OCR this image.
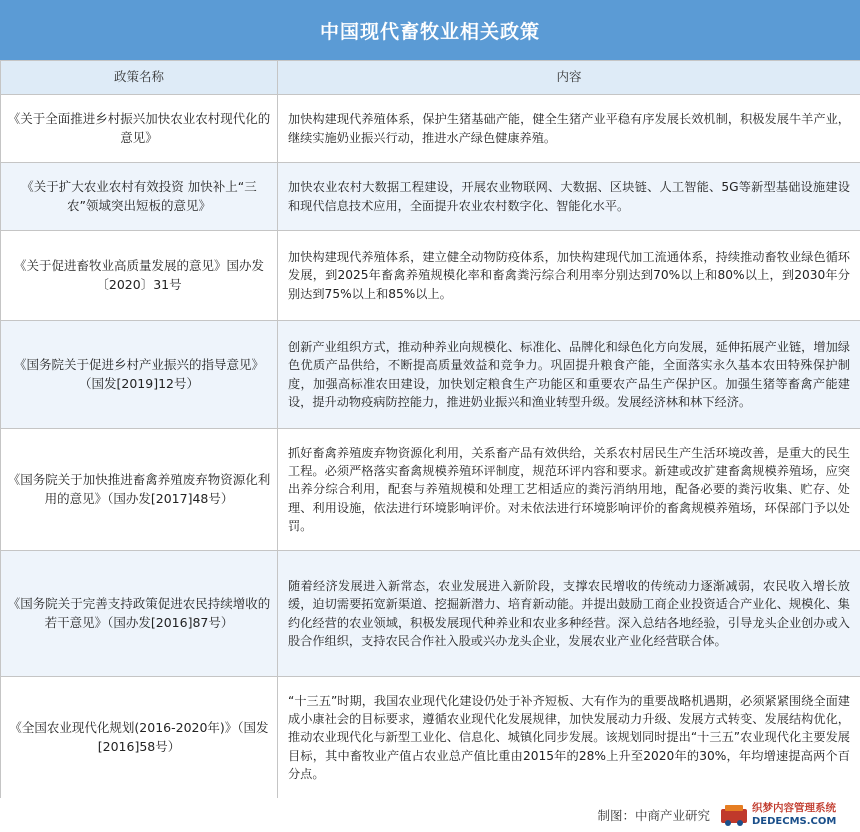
中国现代畜牧业相关政策
政策名称	内容
《关于全面推进乡村振兴加快农业农村现代化的意见》	加快构建现代养殖体系，保护生猪基础产能，健全生猪产业平稳有序发展长效机制，积极发展牛羊产业，继续实施奶业振兴行动，推进水产绿色健康养殖。
《关于扩大农业农村有效投资 加快补上“三农”领域突出短板的意见》	加快农业农村大数据工程建设，开展农业物联网、大数据、区块链、人工智能、5G等新型基础设施建设和现代信息技术应用，全面提升农业农村数字化、智能化水平。
《关于促进畜牧业高质量发展的意见》国办发〔2020〕31号	加快构建现代养殖体系，建立健全动物防疫体系，加快构建现代加工流通体系，持续推动畜牧业绿色循环发展，到2025年畜禽养殖规模化率和畜禽粪污综合利用率分别达到70%以上和80%以上，到2030年分别达到75%以上和85%以上。
《国务院关于促进乡村产业振兴的指导意见》（国发[2019]12号）	创新产业组织方式，推动种养业向规模化、标准化、品牌化和绿色化方向发展，延伸拓展产业链，增加绿色优质产品供给，不断提高质量效益和竞争力。巩固提升粮食产能，全面落实永久基本农田特殊保护制度，加强高标准农田建设，加快划定粮食生产功能区和重要农产品生产保护区。加强生猪等畜禽产能建设，提升动物疫病防控能力，推进奶业振兴和渔业转型升级。发展经济林和林下经济。
《国务院关于加快推进畜禽养殖废弃物资源化利用的意见》（国办发[2017]48号）	抓好畜禽养殖废弃物资源化利用，关系畜产品有效供给，关系农村居民生产生活环境改善，是重大的民生工程。必须严格落实畜禽规模养殖环评制度，规范环评内容和要求。新建或改扩建畜禽规模养殖场，应突出养分综合利用，配套与养殖规模和处理工艺相适应的粪污消纳用地，配备必要的粪污收集、贮存、处理、利用设施，依法进行环境影响评价。对未依法进行环境影响评价的畜禽规模养殖场，环保部门予以处罚。
《国务院关于完善支持政策促进农民持续增收的若干意见》（国办发[2016]87号）	随着经济发展进入新常态，农业发展进入新阶段，支撑农民增收的传统动力逐渐减弱，农民收入增长放缓，迫切需要拓宽新渠道、挖掘新潜力、培育新动能。并提出鼓励工商企业投资适合产业化、规模化、集约化经营的农业领域，积极发展现代种养业和农业多种经营。深入总结各地经验，引导龙头企业创办或入股合作组织，支持农民合作社入股或兴办龙头企业，发展农业产业化经营联合体。
《全国农业现代化规划(2016-2020年)》（国发[2016]58号）	“十三五”时期，我国农业现代化建设仍处于补齐短板、大有作为的重要战略机遇期，必须紧紧围绕全面建成小康社会的目标要求，遵循农业现代化发展规律，加快发展动力升级、发展方式转变、发展结构优化，推动农业现代化与新型工业化、信息化、城镇化同步发展。该规划同时提出“十三五”农业现代化主要发展目标，其中畜牧业产值占农业总产值比重由2015年的28%上升至2020年的30%，年均增速提高两个百分点。
制图：中商产业研究	织梦内容管理系统
DEDECMS.COM
